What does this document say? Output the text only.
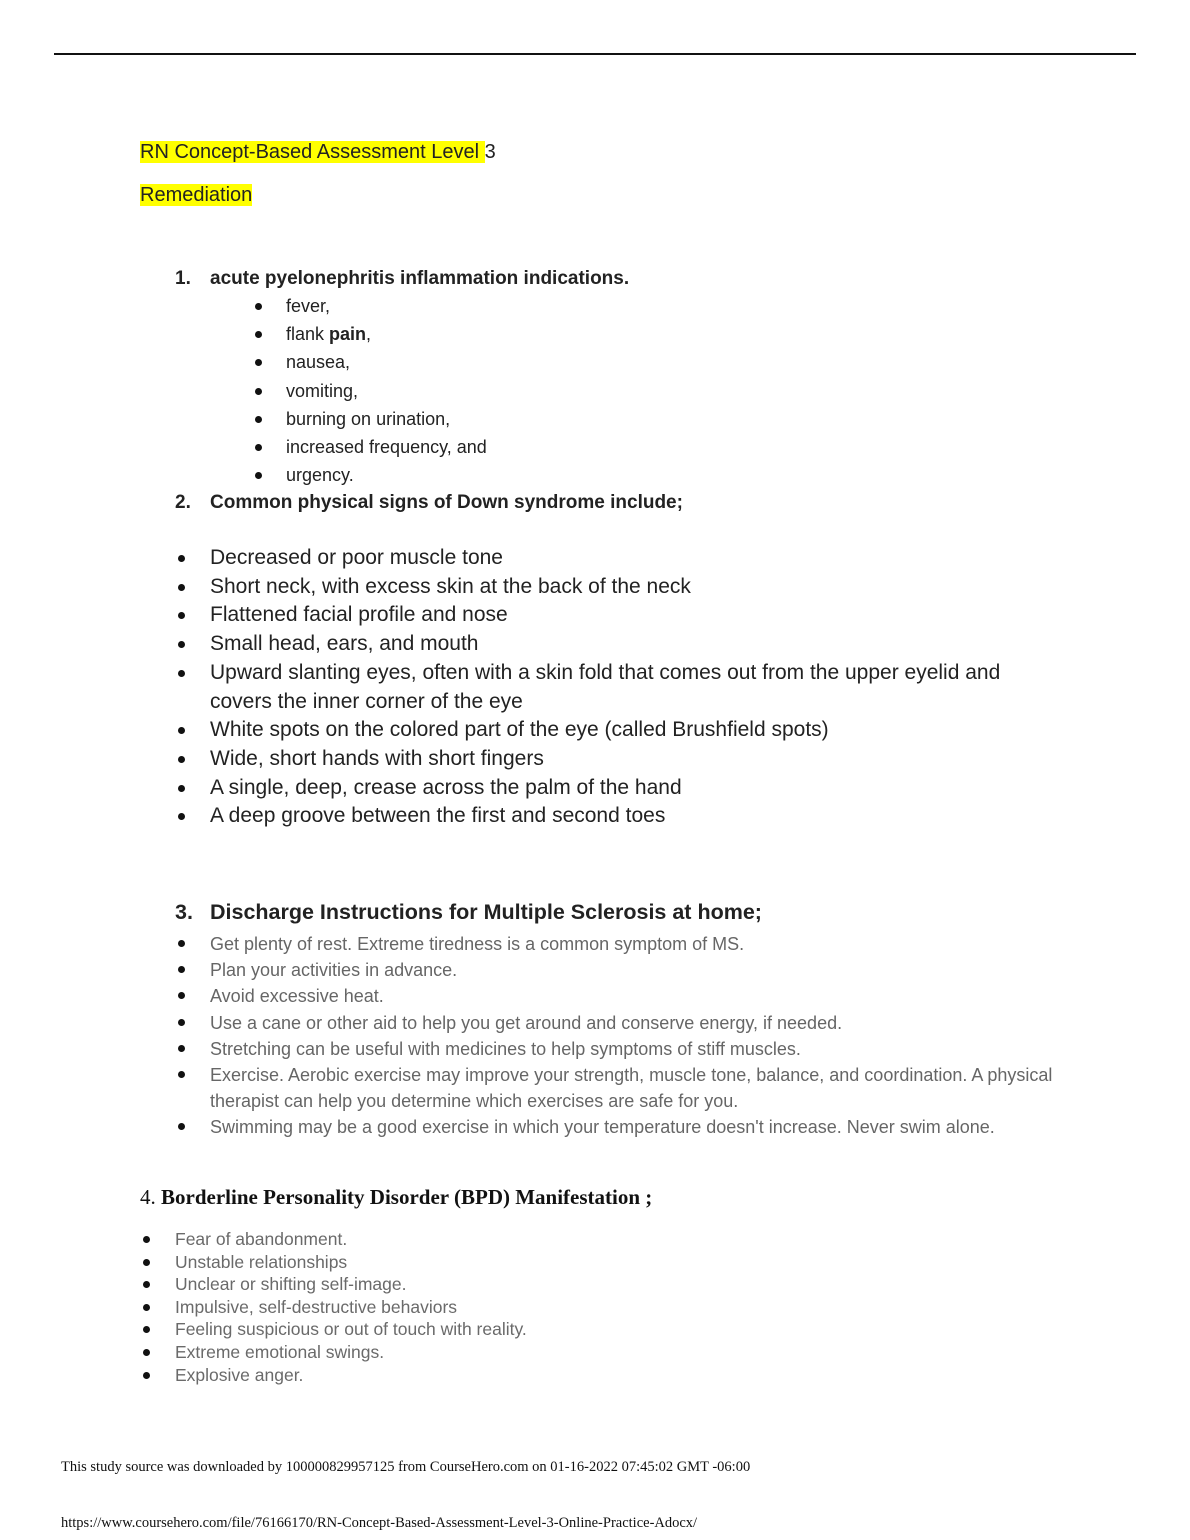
RN Concept-Based Assessment Level 3
Remediation
1. acute pyelonephritis inflammation indications.
fever,
flank pain,
nausea,
vomiting,
burning on urination,
increased frequency, and
urgency.
2. Common physical signs of Down syndrome include;
Decreased or poor muscle tone
Short neck, with excess skin at the back of the neck
Flattened facial profile and nose
Small head, ears, and mouth
Upward slanting eyes, often with a skin fold that comes out from the upper eyelid and covers the inner corner of the eye
White spots on the colored part of the eye (called Brushfield spots)
Wide, short hands with short fingers
A single, deep, crease across the palm of the hand
A deep groove between the first and second toes
3. Discharge Instructions for Multiple Sclerosis at home;
Get plenty of rest. Extreme tiredness is a common symptom of MS.
Plan your activities in advance.
Avoid excessive heat.
Use a cane or other aid to help you get around and conserve energy, if needed.
Stretching can be useful with medicines to help symptoms of stiff muscles.
Exercise. Aerobic exercise may improve your strength, muscle tone, balance, and coordination. A physical therapist can help you determine which exercises are safe for you.
Swimming may be a good exercise in which your temperature doesn't increase. Never swim alone.
4. Borderline Personality Disorder (BPD) Manifestation ;
Fear of abandonment.
Unstable relationships
Unclear or shifting self-image.
Impulsive, self-destructive behaviors
Feeling suspicious or out of touch with reality.
Extreme emotional swings.
Explosive anger.
This study source was downloaded by 100000829957125 from CourseHero.com on 01-16-2022 07:45:02 GMT -06:00
https://www.coursehero.com/file/76166170/RN-Concept-Based-Assessment-Level-3-Online-Practice-Adocx/
